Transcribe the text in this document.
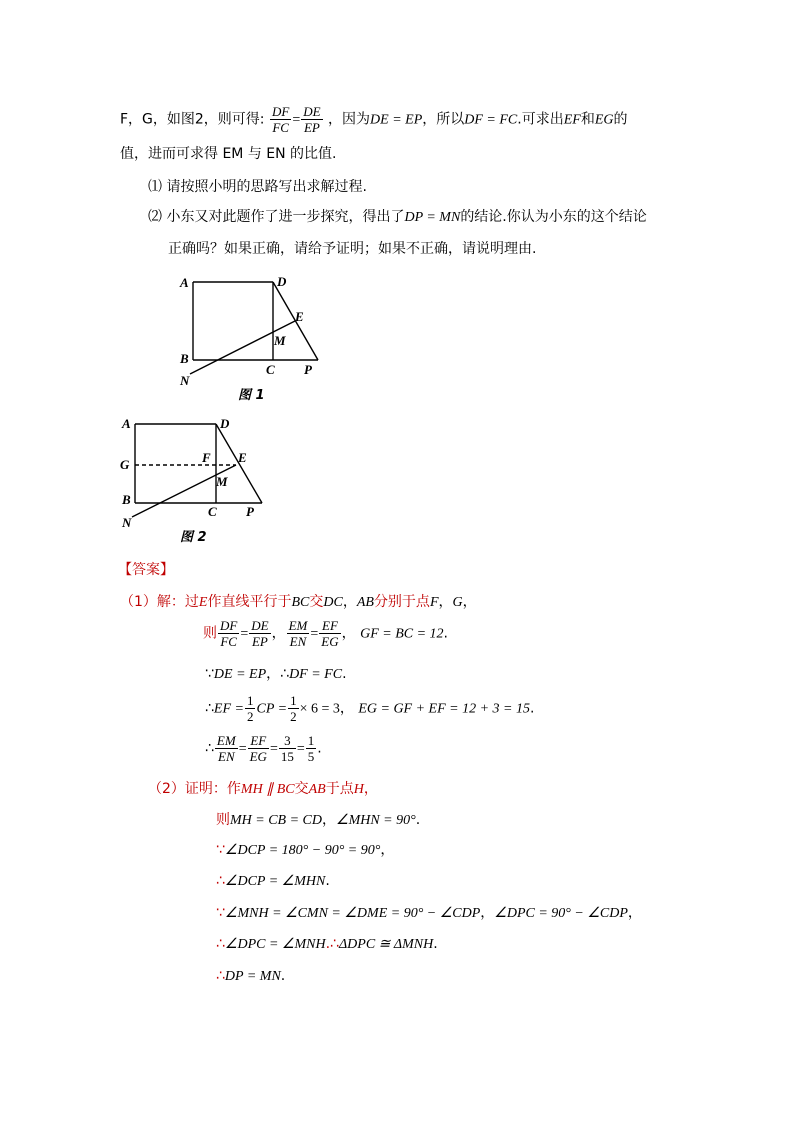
F，G，如图2，则可得: $\frac{DF}{FC} = \frac{DE}{EP}$ ，因为DE = EP，所以DF = FC.可求出EF和EG的
值，进而可求得 EM 与 EN 的比值.
⑴ 请按照小明的思路写出求解过程.
⑵ 小东又对此题作了进一步探究，得出了DP = MN的结论.你认为小东的这个结论
正确吗？如果正确，请给予证明；如果不正确，请说明理由.
A	D
E
M
B
C
N
P
图 1
A	D
G	F E
M
B
C
N
P
图 2
【答案】
（1）解：过E作直线平行于BC交DC，AB分别于点F，G，
则 $\frac{DF}{FC} = \frac{DE}{EP}$ ， $\frac{EM}{EN} = \frac{EF}{EG}$ ， GF = BC = 12.
∵DE = EP，∴DF = FC.
∴EF = $\frac{1}{2}$ CP = $\frac{1}{2} \times 6 = 3$， EG = GF + EF = 12 + 3 = 15.
∴ $\frac{EM}{EN} = \frac{EF}{EG} = \frac{3}{15} = \frac{1}{5}$ .
（2）证明：作MH ∥ BC交AB于点H，
则MH = CB = CD，∠MHN = 90°.
∵∠DCP = 180° − 90° = 90°，
∴∠DCP = ∠MHN.
∵∠MNH = ∠CMN = ∠DME = 90° − ∠CDP，∠DPC = 90° − ∠CDP，
∴∠DPC = ∠MNH.∴ΔDPC ≅ ΔMNH.
∴DP = MN.
